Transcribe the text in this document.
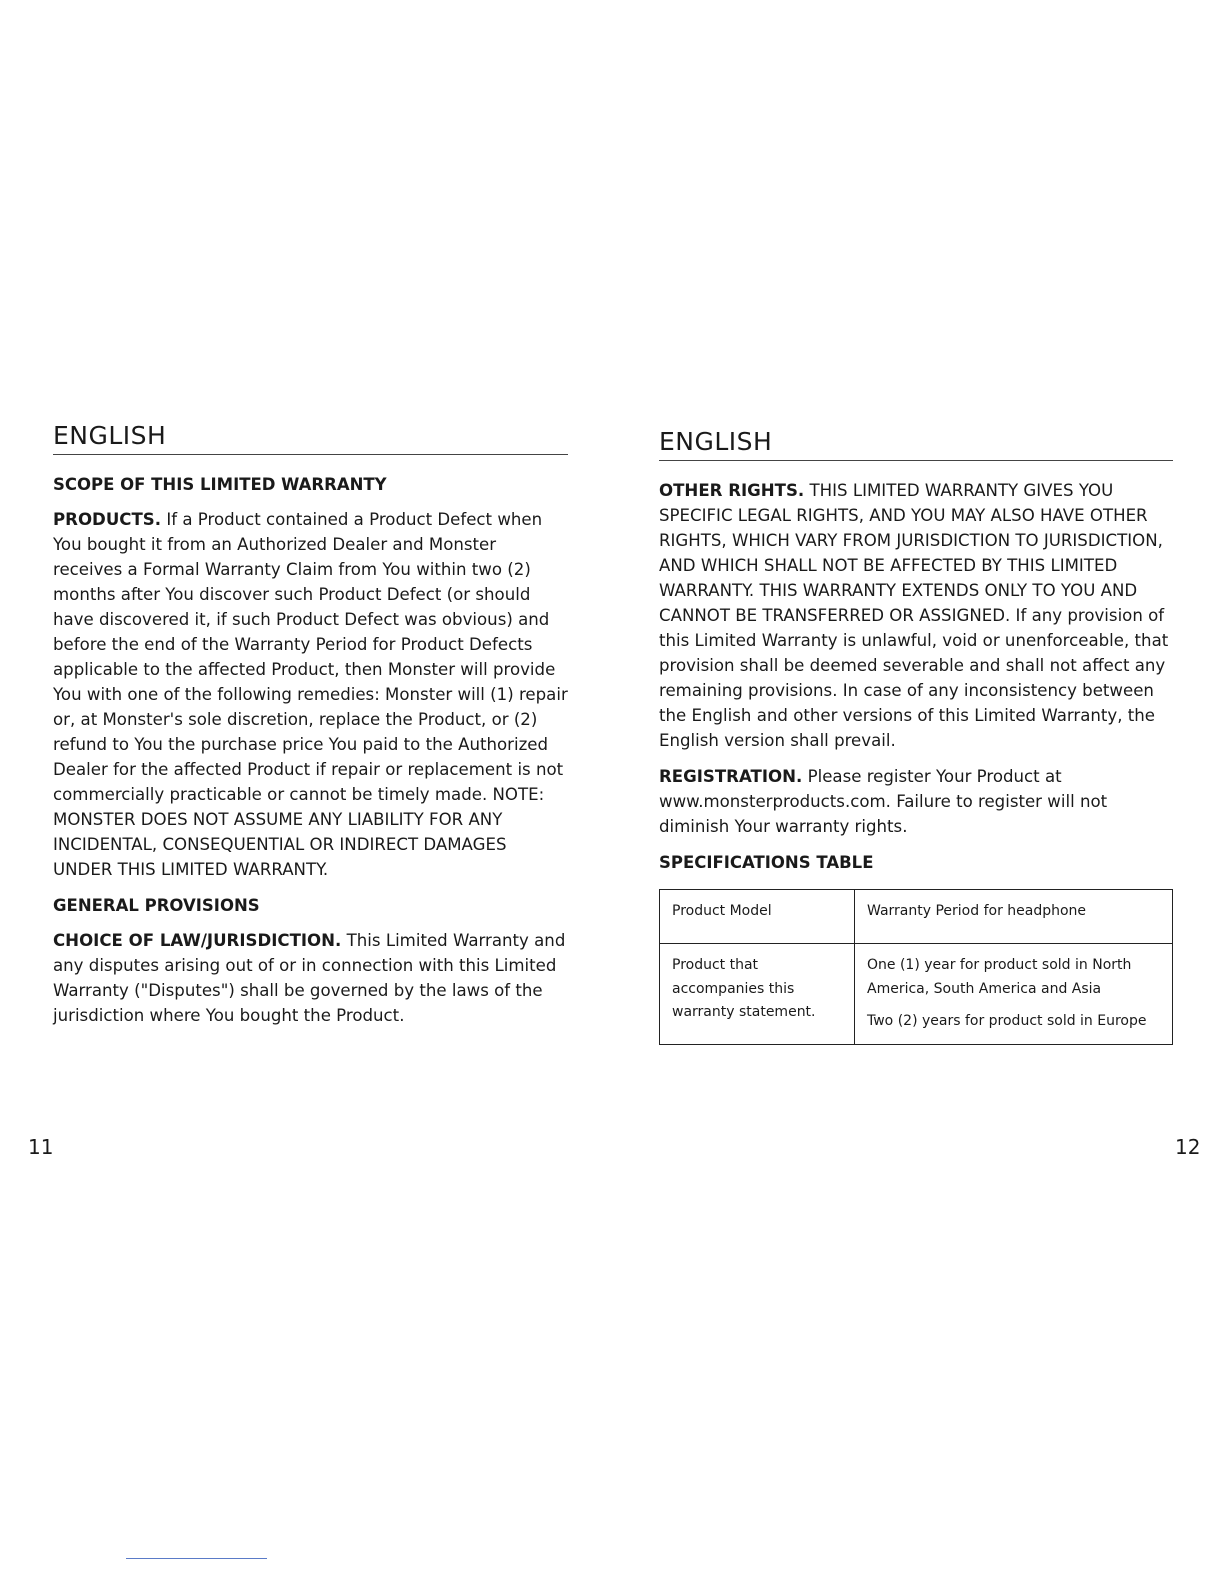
ENGLISH
SCOPE OF THIS LIMITED WARRANTY

PRODUCTS. If a Product contained a Product Defect when You bought it from an Authorized Dealer and Monster receives a Formal Warranty Claim from You within two (2) months after You discover such Product Defect (or should have discovered it, if such Product Defect was obvious) and before the end of the Warranty Period for Product Defects applicable to the affected Product, then Monster will provide You with one of the following remedies: Monster will (1) repair or, at Monster's sole discretion, replace the Product, or (2) refund to You the purchase price You paid to the Authorized Dealer for the affected Product if repair or replacement is not commercially practicable or cannot be timely made. NOTE: MONSTER DOES NOT ASSUME ANY LIABILITY FOR ANY INCIDENTAL, CONSEQUENTIAL OR INDIRECT DAMAGES UNDER THIS LIMITED WARRANTY.

GENERAL PROVISIONS

CHOICE OF LAW/JURISDICTION. This Limited Warranty and any disputes arising out of or in connection with this Limited Warranty ("Disputes") shall be governed by the laws of the jurisdiction where You bought the Product.

ENGLISH

OTHER RIGHTS. THIS LIMITED WARRANTY GIVES YOU SPECIFIC LEGAL RIGHTS, AND YOU MAY ALSO HAVE OTHER RIGHTS, WHICH VARY FROM JURISDICTION TO JURISDICTION, AND WHICH SHALL NOT BE AFFECTED BY THIS LIMITED WARRANTY. THIS WARRANTY EXTENDS ONLY TO YOU AND CANNOT BE TRANSFERRED OR ASSIGNED. If any provision of this Limited Warranty is unlawful, void or unenforceable, that provision shall be deemed severable and shall not affect any remaining provisions. In case of any inconsistency between the English and other versions of this Limited Warranty, the English version shall prevail.

REGISTRATION. Please register Your Product at www.monsterproducts.com. Failure to register will not diminish Your warranty rights.

SPECIFICATIONS TABLE
Product Model	Warranty Period for headphone

Product that
accompanies this
warranty statement.	One (1) year for product sold in North
America, South America and Asia
Two (2) years for product sold in Europe
11	12
